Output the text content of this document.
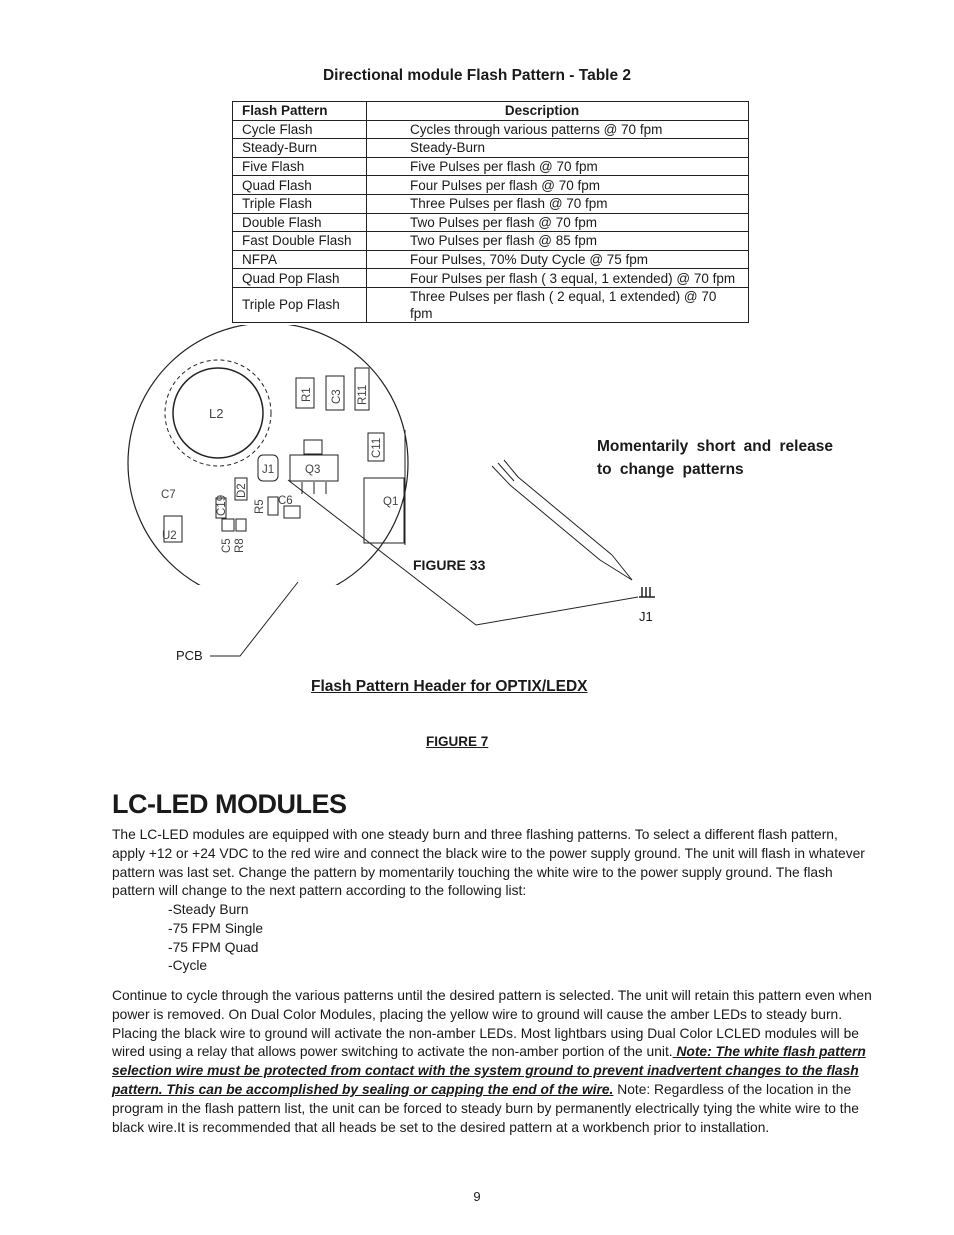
Directional module Flash Pattern - Table 2
Flash Pattern	Description
Cycle Flash	Cycles through various patterns @ 70 fpm
Steady-Burn	Steady-Burn
Five Flash	Five Pulses per flash @ 70 fpm
Quad Flash	Four Pulses per flash @ 70 fpm
Triple Flash	Three Pulses per flash @ 70 fpm
Double Flash	Two Pulses per flash @ 70 fpm
Fast Double Flash	Two Pulses per flash @ 85 fpm
NFPA	Four Pulses, 70% Duty Cycle @ 75 fpm
Quad Pop Flash	Four Pulses per flash ( 3 equal, 1 extended) @ 70 fpm
Triple Pop Flash	Three Pulses per flash ( 2 equal, 1 extended) @ 70 fpm
L2
R1 C3 R11
C11
J1	Q3
D2
R5 C6	Q1
C7	C19
U2
C5 R8
Momentarily short and release
to change patterns
FIGURE 33
J1
PCB
Flash Pattern Header for OPTIX/LEDX
FIGURE 7
LC-LED MODULES
The LC-LED modules are equipped with one steady burn and three flashing patterns. To select a different flash pattern, apply +12 or +24 VDC to the red wire and connect the black wire to the power supply ground. The unit will flash in whatever pattern was last set. Change the pattern by momentarily touching the white wire to the power supply ground. The flash pattern will change to the next pattern according to the following list:
-Steady Burn
-75 FPM Single
-75 FPM Quad
-Cycle
Continue to cycle through the various patterns until the desired pattern is selected. The unit will retain this pattern even when power is removed. On Dual Color Modules, placing the yellow wire to ground will cause the amber LEDs to steady burn. Placing the black wire to ground will activate the non-amber LEDs. Most lightbars using Dual Color LCLED modules will be wired using a relay that allows power switching to activate the non-amber portion of the unit. Note: The white flash pattern selection wire must be protected from contact with the system ground to prevent inadvertent changes to the flash pattern. This can be accomplished by sealing or capping the end of the wire. Note: Regardless of the location in the program in the flash pattern list, the unit can be forced to steady burn by permanently electrically tying the white wire to the black wire.It is recommended that all heads be set to the desired pattern at a workbench prior to installation.
9
